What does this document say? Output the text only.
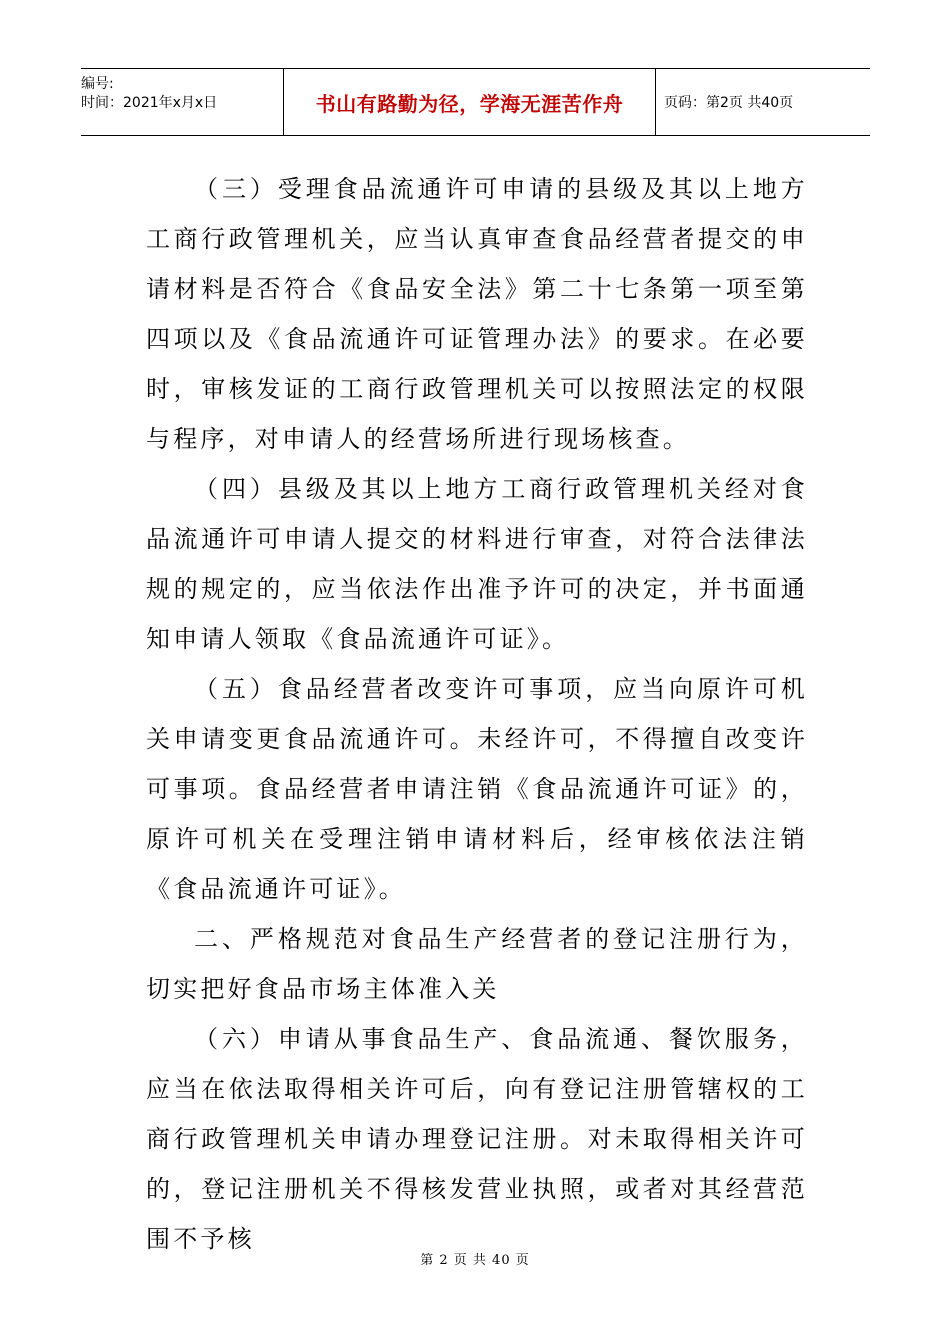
编号:
时间：2021年x月x日	书山有路勤为径，学海无涯苦作舟	页码：第2页 共40页

（三）受理食品流通许可申请的县级及其以上地方工商行政管理机关，应当认真审查食品经营者提交的申请材料是否符合《食品安全法》第二十七条第一项至第四项以及《食品流通许可证管理办法》的要求。在必要时，审核发证的工商行政管理机关可以按照法定的权限与程序，对申请人的经营场所进行现场核查。

（四）县级及其以上地方工商行政管理机关经对食品流通许可申请人提交的材料进行审查，对符合法律法规的规定的，应当依法作出准予许可的决定，并书面通知申请人领取《食品流通许可证》。

（五）食品经营者改变许可事项，应当向原许可机关申请变更食品流通许可。未经许可，不得擅自改变许可事项。食品经营者申请注销《食品流通许可证》的，原许可机关在受理注销申请材料后，经审核依法注销《食品流通许可证》。

二、严格规范对食品生产经营者的登记注册行为，切实把好食品市场主体准入关

（六）申请从事食品生产、食品流通、餐饮服务，应当在依法取得相关许可后，向有登记注册管辖权的工商行政管理机关申请办理登记注册。对未取得相关许可的，登记注册机关不得核发营业执照，或者对其经营范围不予核

第 2 页 共 40 页
